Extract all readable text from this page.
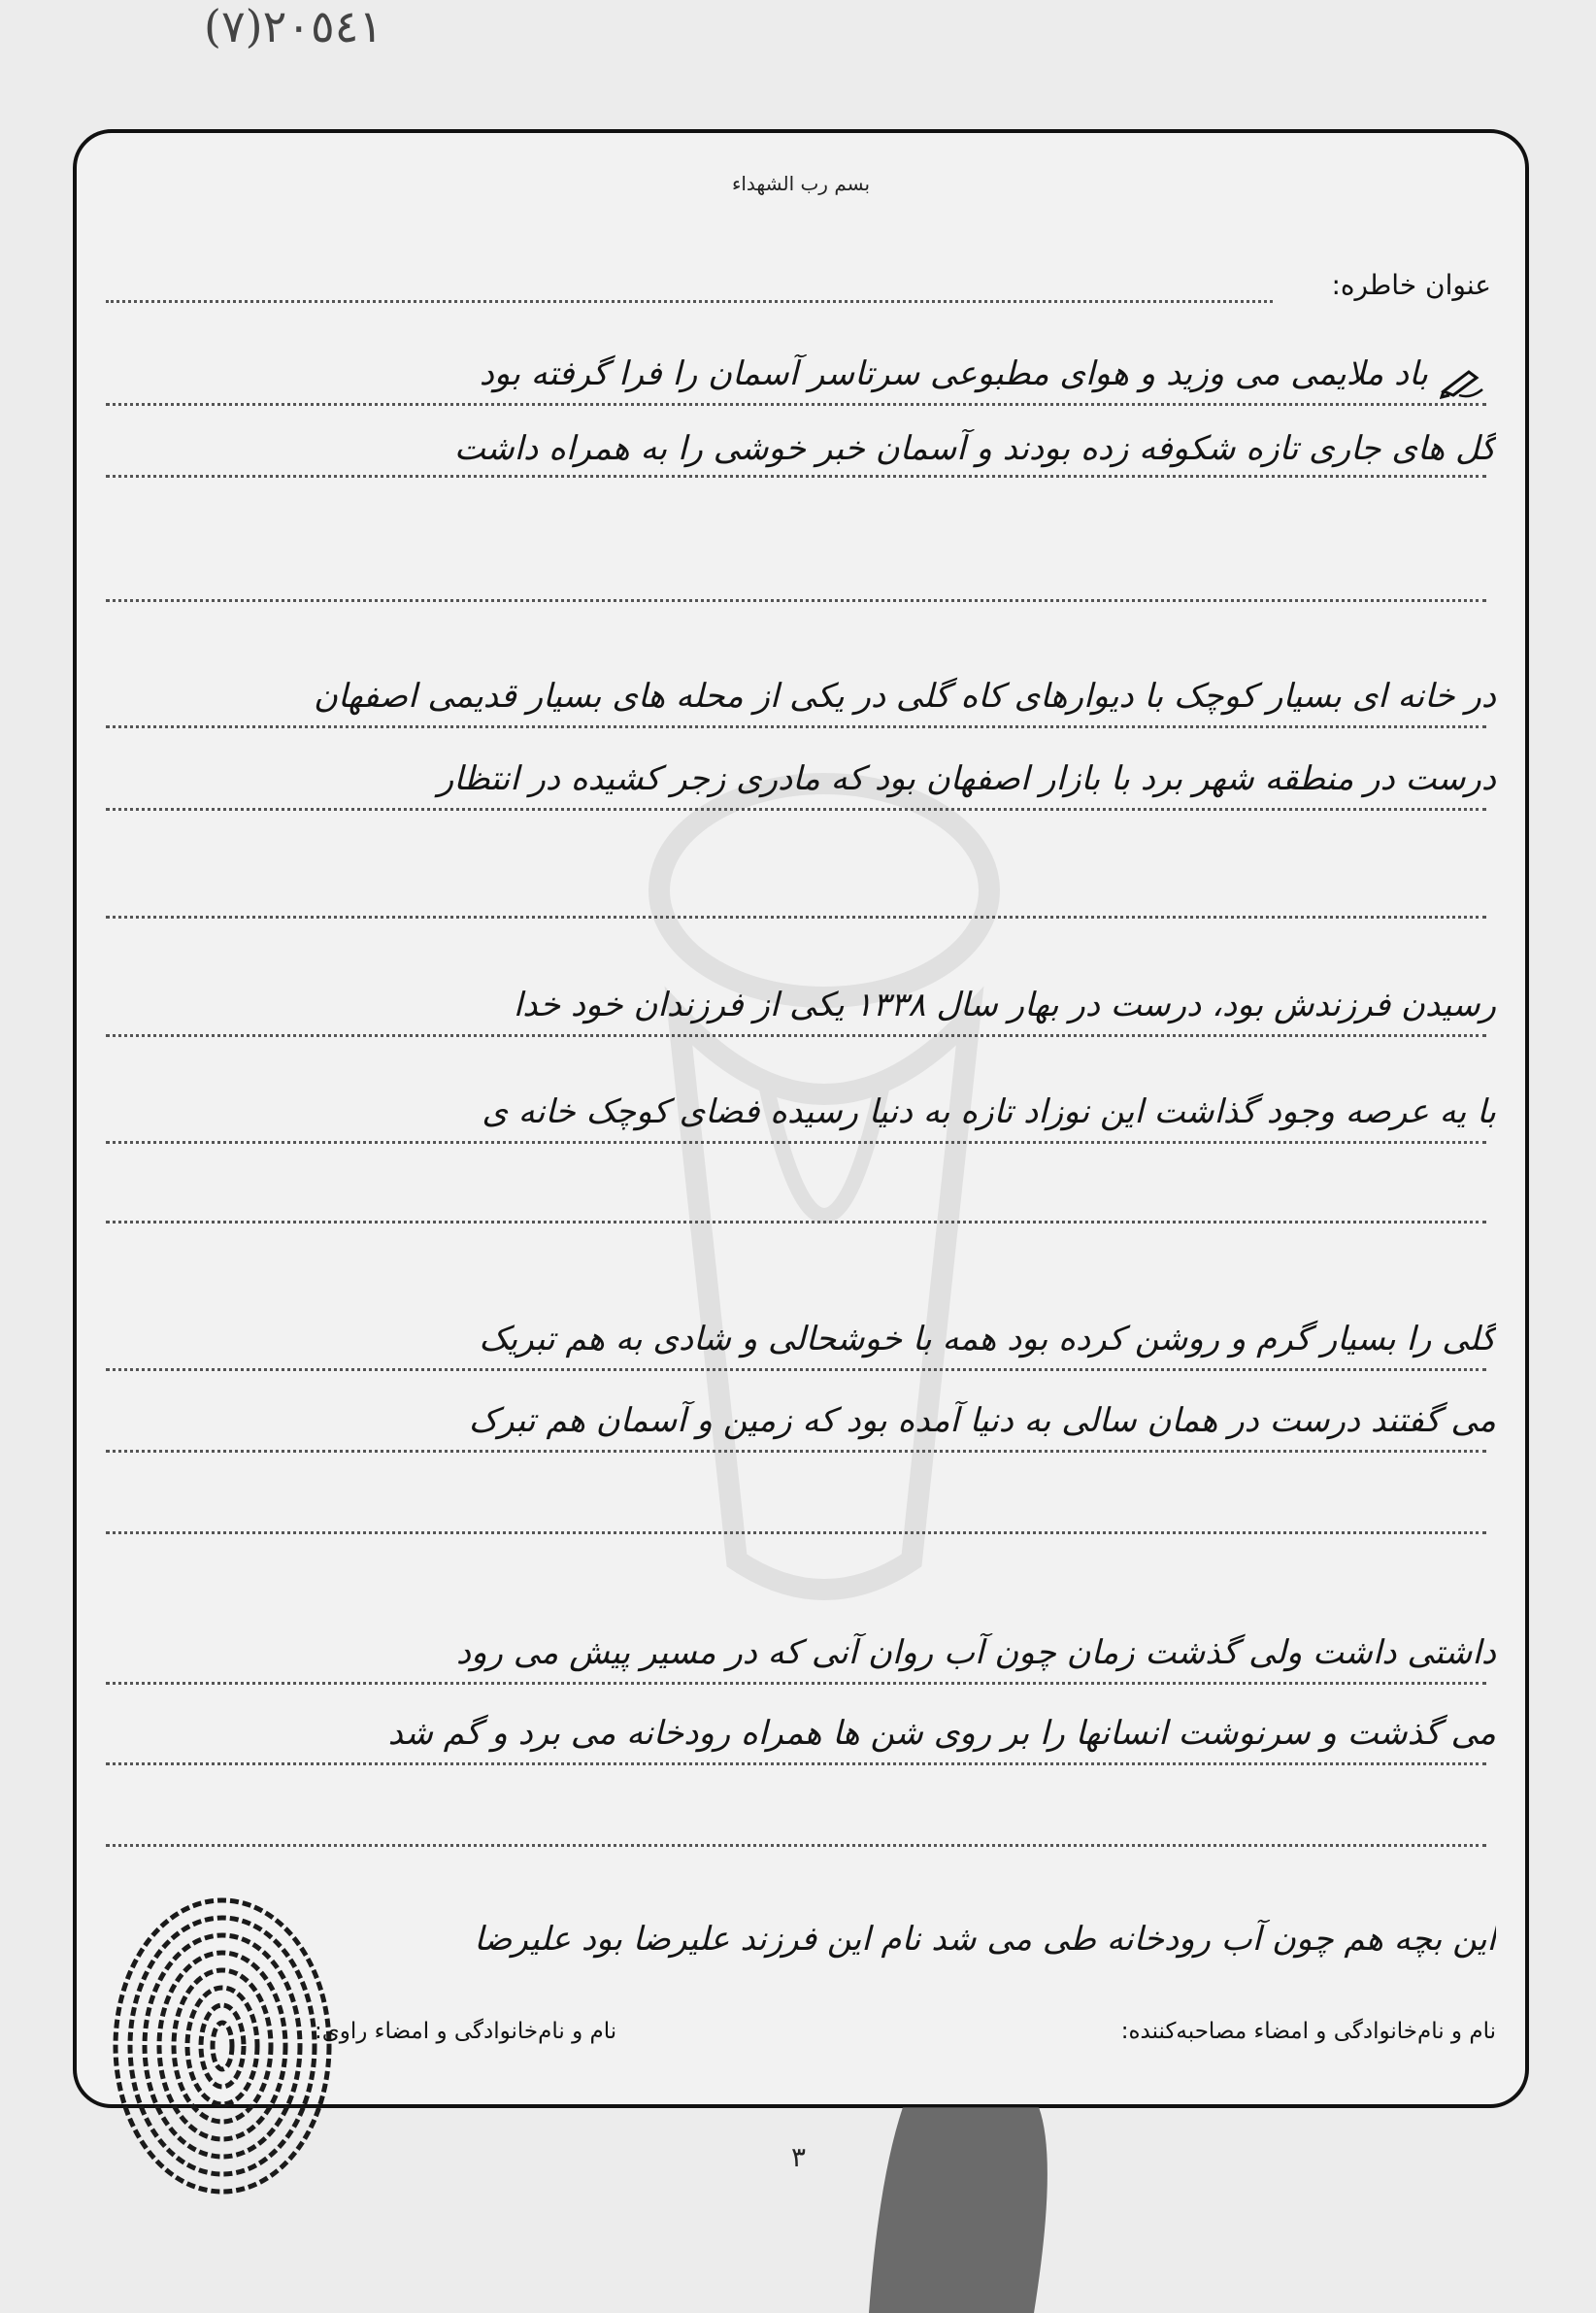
(٧)٢٠٥٤١
بسم رب الشهداء
عنوان خاطره:
باد ملایمی می وزید و هوای مطبوعی سرتاسر آسمان را فرا گرفته بود
گل های جاری تازه شکوفه زده بودند و آسمان خبر خوشی را به همراه داشت
در خانه ای بسیار کوچک با دیوارهای کاه گلی در یکی از محله های بسیار قدیمی اصفهان
درست در منطقه شهر برد با بازار اصفهان بود که مادری زجر کشیده در انتظار
رسیدن فرزندش بود، درست در بهار سال ۱۳۳۸ یکی از فرزندان خود خدا
با یه عرصه وجود گذاشت این نوزاد تازه به دنیا رسیده فضای کوچک خانه ی
گلی را بسیار گرم و روشن کرده بود همه با خوشحالی و شادی به هم تبریک
می گفتند درست در همان سالی به دنیا آمده بود که زمین و آسمان هم تبرک
داشتی داشت ولی گذشت زمان چون آب روان آنی که در مسیر پیش می رود
می گذشت و سرنوشت انسانها را بر روی شن ها همراه رودخانه می برد و گم شد
این بچه هم چون آب رودخانه طی می شد نام این فرزند علیرضا بود علیرضا
نام و نام‌خانوادگی و امضاء مصاحبه‌کننده:
نام و نام‌خانوادگی و امضاء راوی:
٣
